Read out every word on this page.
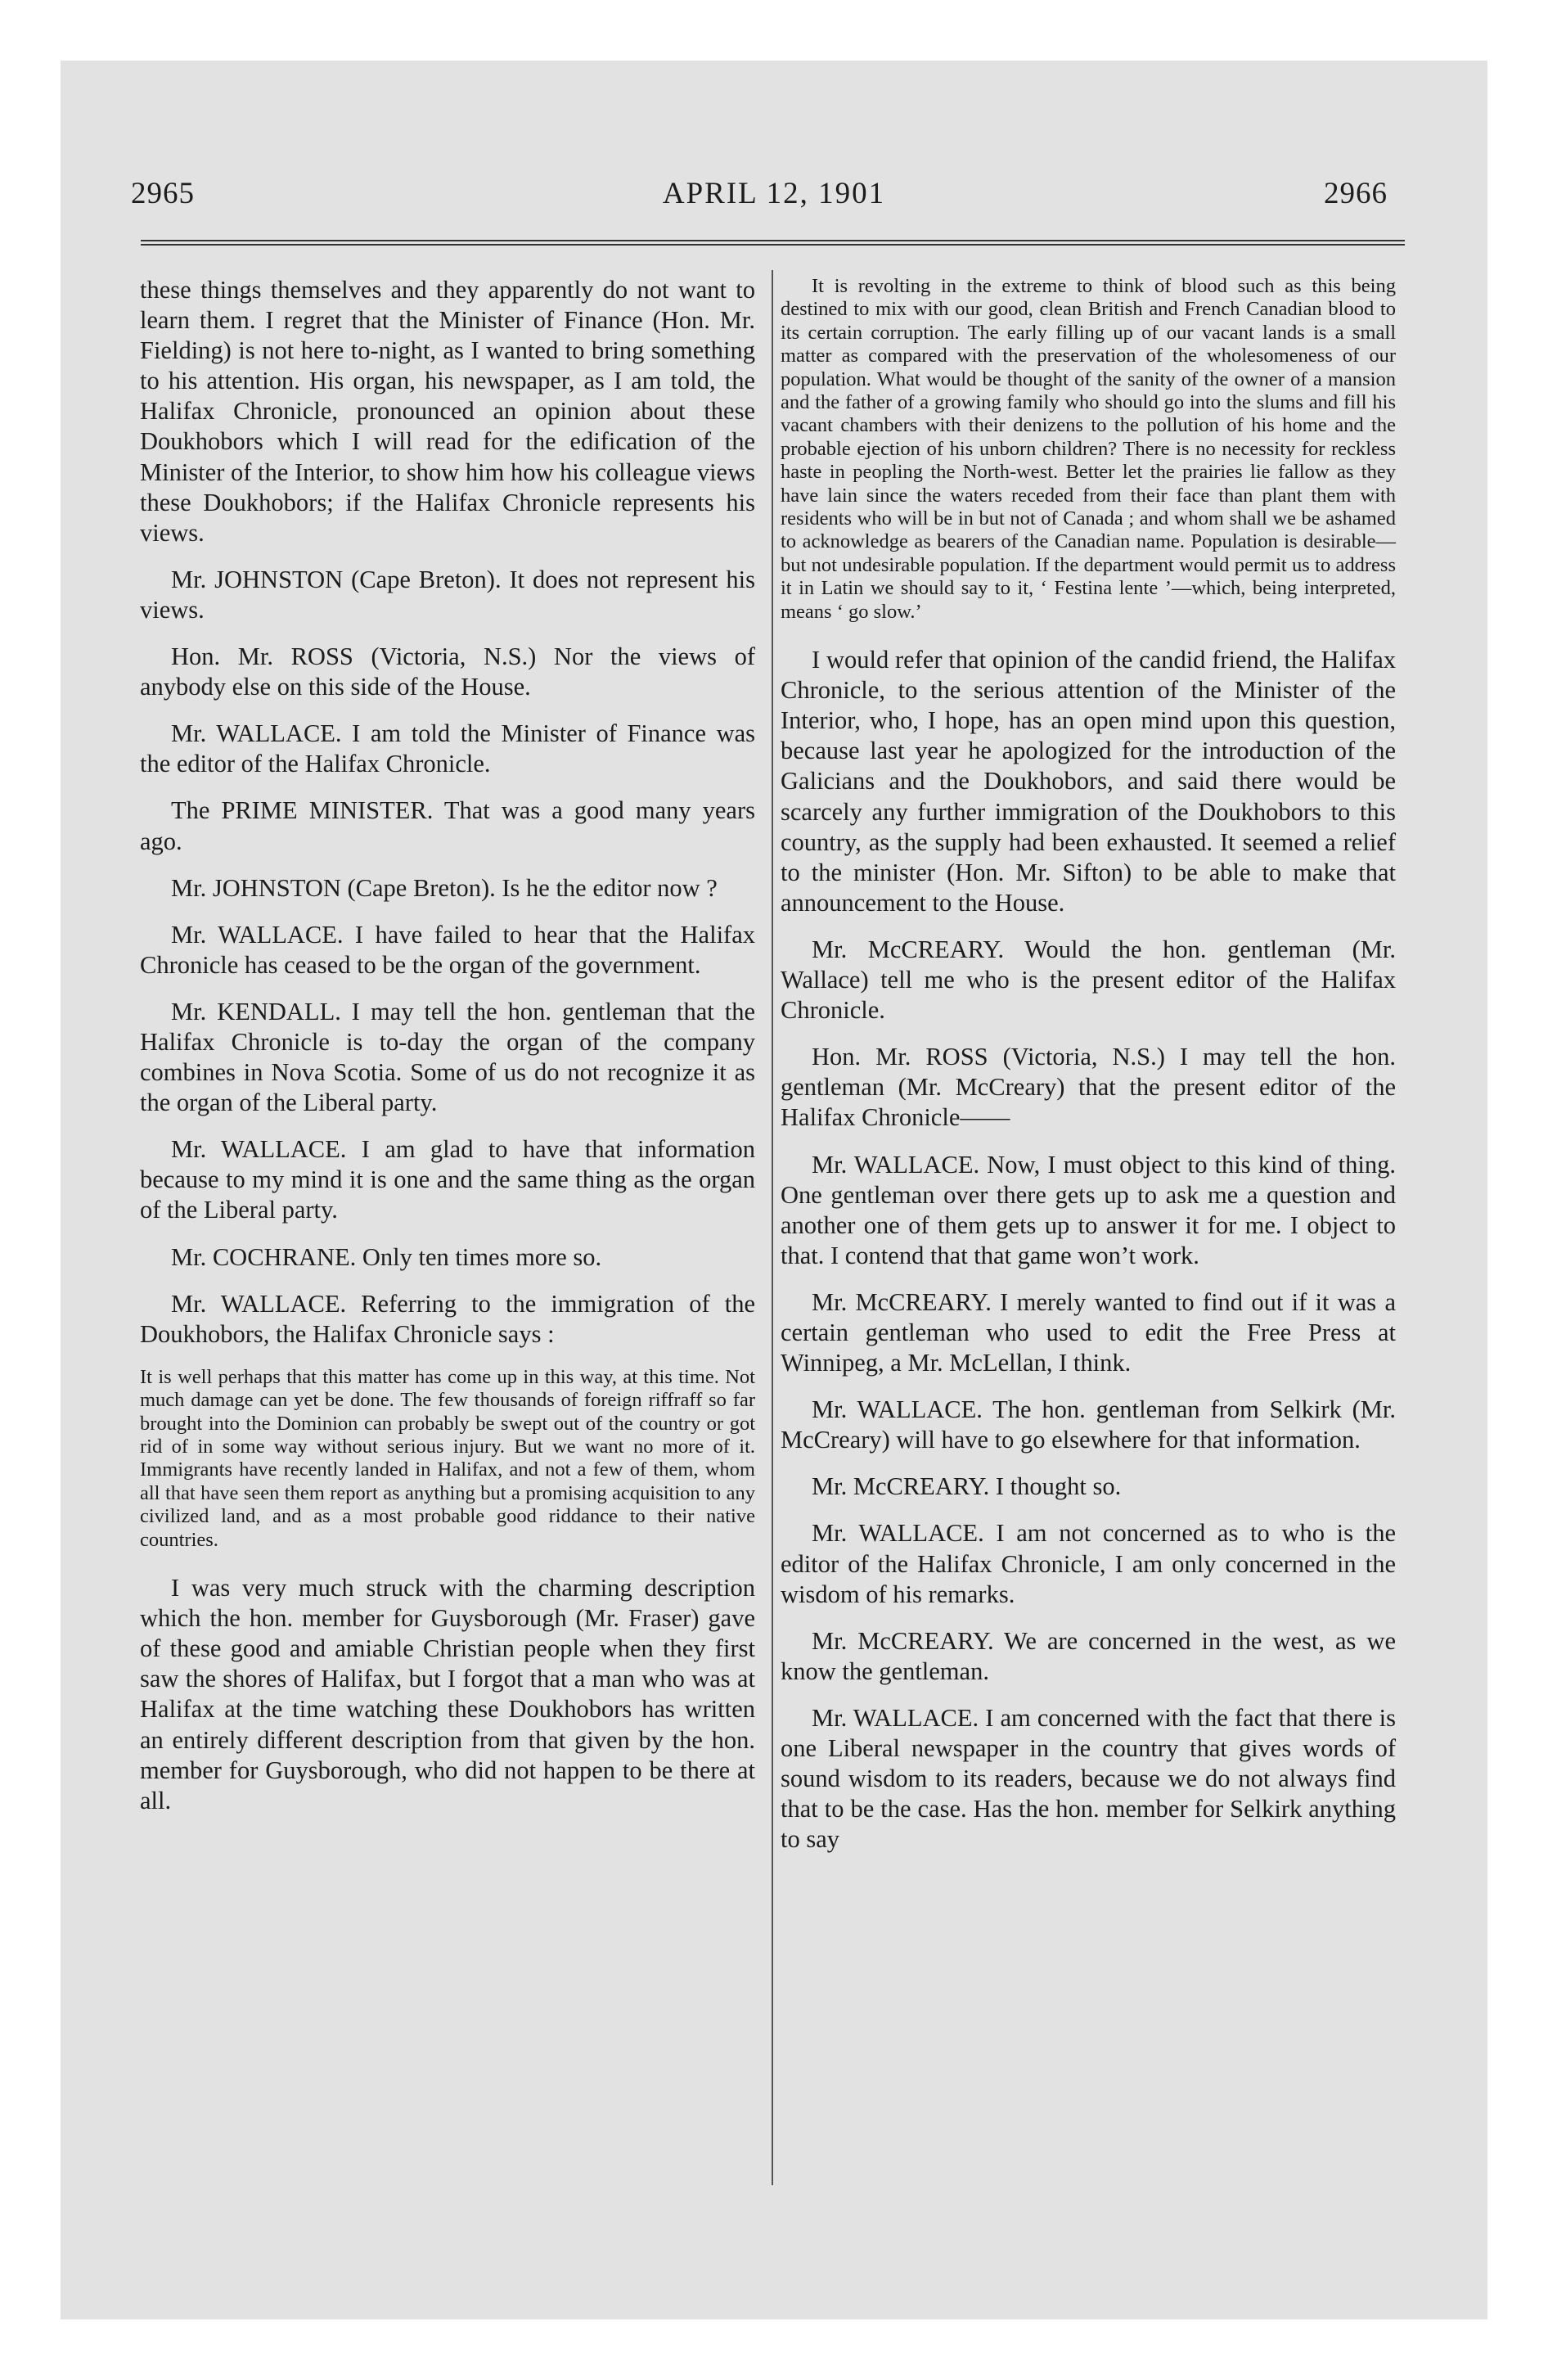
2965	APRIL 12, 1901	2966

these things themselves and they apparently do not want to learn them. I regret that the Minister of Finance (Hon. Mr. Fielding) is not here to-night, as I wanted to bring something to his attention. His organ, his newspaper, as I am told, the Halifax Chronicle, pronounced an opinion about these Doukhobors which I will read for the edification of the Minister of the Interior, to show him how his colleague views these Doukhobors; if the Halifax Chronicle represents his views.

Mr. JOHNSTON (Cape Breton). It does not represent his views.

Hon. Mr. ROSS (Victoria, N.S.) Nor the views of anybody else on this side of the House.

Mr. WALLACE. I am told the Minister of Finance was the editor of the Halifax Chronicle.

The PRIME MINISTER. That was a good many years ago.

Mr. JOHNSTON (Cape Breton). Is he the editor now ?

Mr. WALLACE. I have failed to hear that the Halifax Chronicle has ceased to be the organ of the government.

Mr. KENDALL. I may tell the hon. gentleman that the Halifax Chronicle is to-day the organ of the company combines in Nova Scotia. Some of us do not recognize it as the organ of the Liberal party.

Mr. WALLACE. I am glad to have that information because to my mind it is one and the same thing as the organ of the Liberal party.

Mr. COCHRANE. Only ten times more so.

Mr. WALLACE. Referring to the immigration of the Doukhobors, the Halifax Chronicle says :

It is well perhaps that this matter has come up in this way, at this time. Not much damage can yet be done. The few thousands of foreign riffraff so far brought into the Dominion can probably be swept out of the country or got rid of in some way without serious injury. But we want no more of it. Immigrants have recently landed in Halifax, and not a few of them, whom all that have seen them report as anything but a promising acquisition to any civilized land, and as a most probable good riddance to their native countries.

I was very much struck with the charming description which the hon. member for Guysborough (Mr. Fraser) gave of these good and amiable Christian people when they first saw the shores of Halifax, but I forgot that a man who was at Halifax at the time watching these Doukhobors has written an entirely different description from that given by the hon. member for Guysborough, who did not happen to be there at all.

It is revolting in the extreme to think of blood such as this being destined to mix with our good, clean British and French Canadian blood to its certain corruption. The early filling up of our vacant lands is a small matter as compared with the preservation of the wholesomeness of our population. What would be thought of the sanity of the owner of a mansion and the father of a growing family who should go into the slums and fill his vacant chambers with their denizens to the pollution of his home and the probable ejection of his unborn children? There is no necessity for reckless haste in peopling the North-west. Better let the prairies lie fallow as they have lain since the waters receded from their face than plant them with residents who will be in but not of Canada ; and whom shall we be ashamed to acknowledge as bearers of the Canadian name. Population is desirable—but not undesirable population. If the department would permit us to address it in Latin we should say to it, ‘ Festina lente ’—which, being interpreted, means ‘ go slow.’

I would refer that opinion of the candid friend, the Halifax Chronicle, to the serious attention of the Minister of the Interior, who, I hope, has an open mind upon this question, because last year he apologized for the introduction of the Galicians and the Doukhobors, and said there would be scarcely any further immigration of the Doukhobors to this country, as the supply had been exhausted. It seemed a relief to the minister (Hon. Mr. Sifton) to be able to make that announcement to the House.

Mr. McCREARY. Would the hon. gentleman (Mr. Wallace) tell me who is the present editor of the Halifax Chronicle.

Hon. Mr. ROSS (Victoria, N.S.) I may tell the hon. gentleman (Mr. McCreary) that the present editor of the Halifax Chronicle——

Mr. WALLACE. Now, I must object to this kind of thing. One gentleman over there gets up to ask me a question and another one of them gets up to answer it for me. I object to that. I contend that that game won’t work.

Mr. McCREARY. I merely wanted to find out if it was a certain gentleman who used to edit the Free Press at Winnipeg, a Mr. McLellan, I think.

Mr. WALLACE. The hon. gentleman from Selkirk (Mr. McCreary) will have to go elsewhere for that information.

Mr. McCREARY. I thought so.

Mr. WALLACE. I am not concerned as to who is the editor of the Halifax Chronicle, I am only concerned in the wisdom of his remarks.

Mr. McCREARY. We are concerned in the west, as we know the gentleman.

Mr. WALLACE. I am concerned with the fact that there is one Liberal newspaper in the country that gives words of sound wisdom to its readers, because we do not always find that to be the case. Has the hon. member for Selkirk anything to say
